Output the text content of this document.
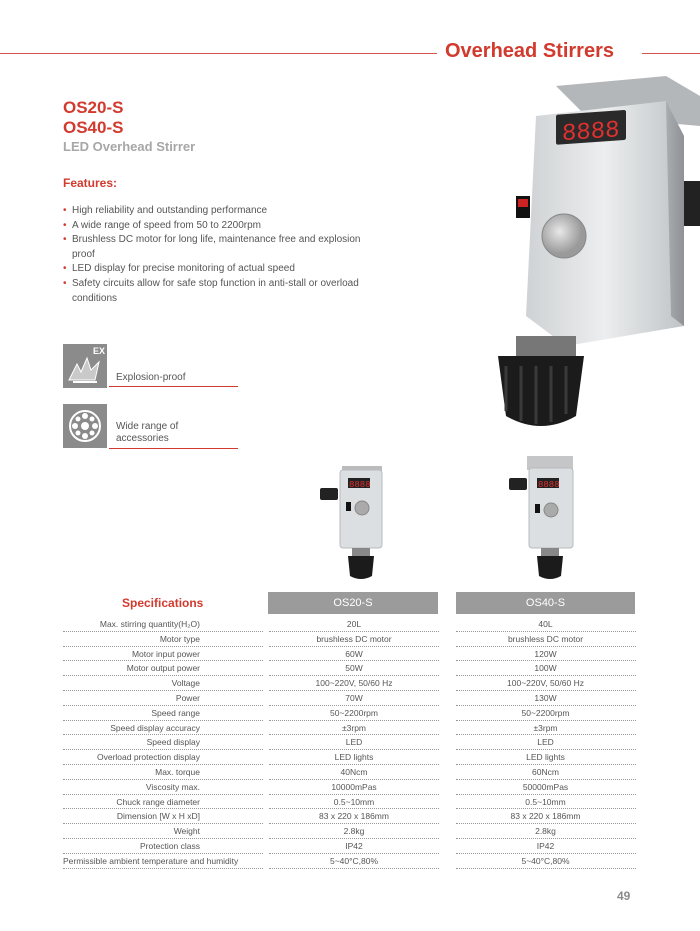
Overhead Stirrers
OS20-S
OS40-S
LED Overhead Stirrer
Features:
• High reliability and outstanding performance
• A wide range of speed from 50 to 2200rpm
• Brushless DC motor for long life, maintenance free and explosion proof
• LED display for precise monitoring of actual speed
• Safety circuits allow for safe stop function in anti-stall or overload conditions
EX
Explosion-proof
Wide range of accessories
8888
8888	8888
Specifications	OS20-S	OS40-S
Max. stirring quantity(H₂O)	20L	40L
Motor type	brushless DC motor	brushless DC motor
Motor input power	60W	120W
Motor output power	50W	100W
Voltage	100~220V, 50/60 Hz	100~220V, 50/60 Hz
Power	70W	130W
Speed range	50~2200rpm	50~2200rpm
Speed display accuracy	±3rpm	±3rpm
Speed display	LED	LED
Overload protection display	LED lights	LED lights
Max. torque	40Ncm	60Ncm
Viscosity max.	10000mPas	50000mPas
Chuck range diameter	0.5~10mm	0.5~10mm
Dimension [W x H xD]	83 x 220 x 186mm	83 x 220 x 186mm
Weight	2.8kg	2.8kg
Protection class	IP42	IP42
Permissible ambient temperature and humidity	5~40°C,80%	5~40°C,80%
49
